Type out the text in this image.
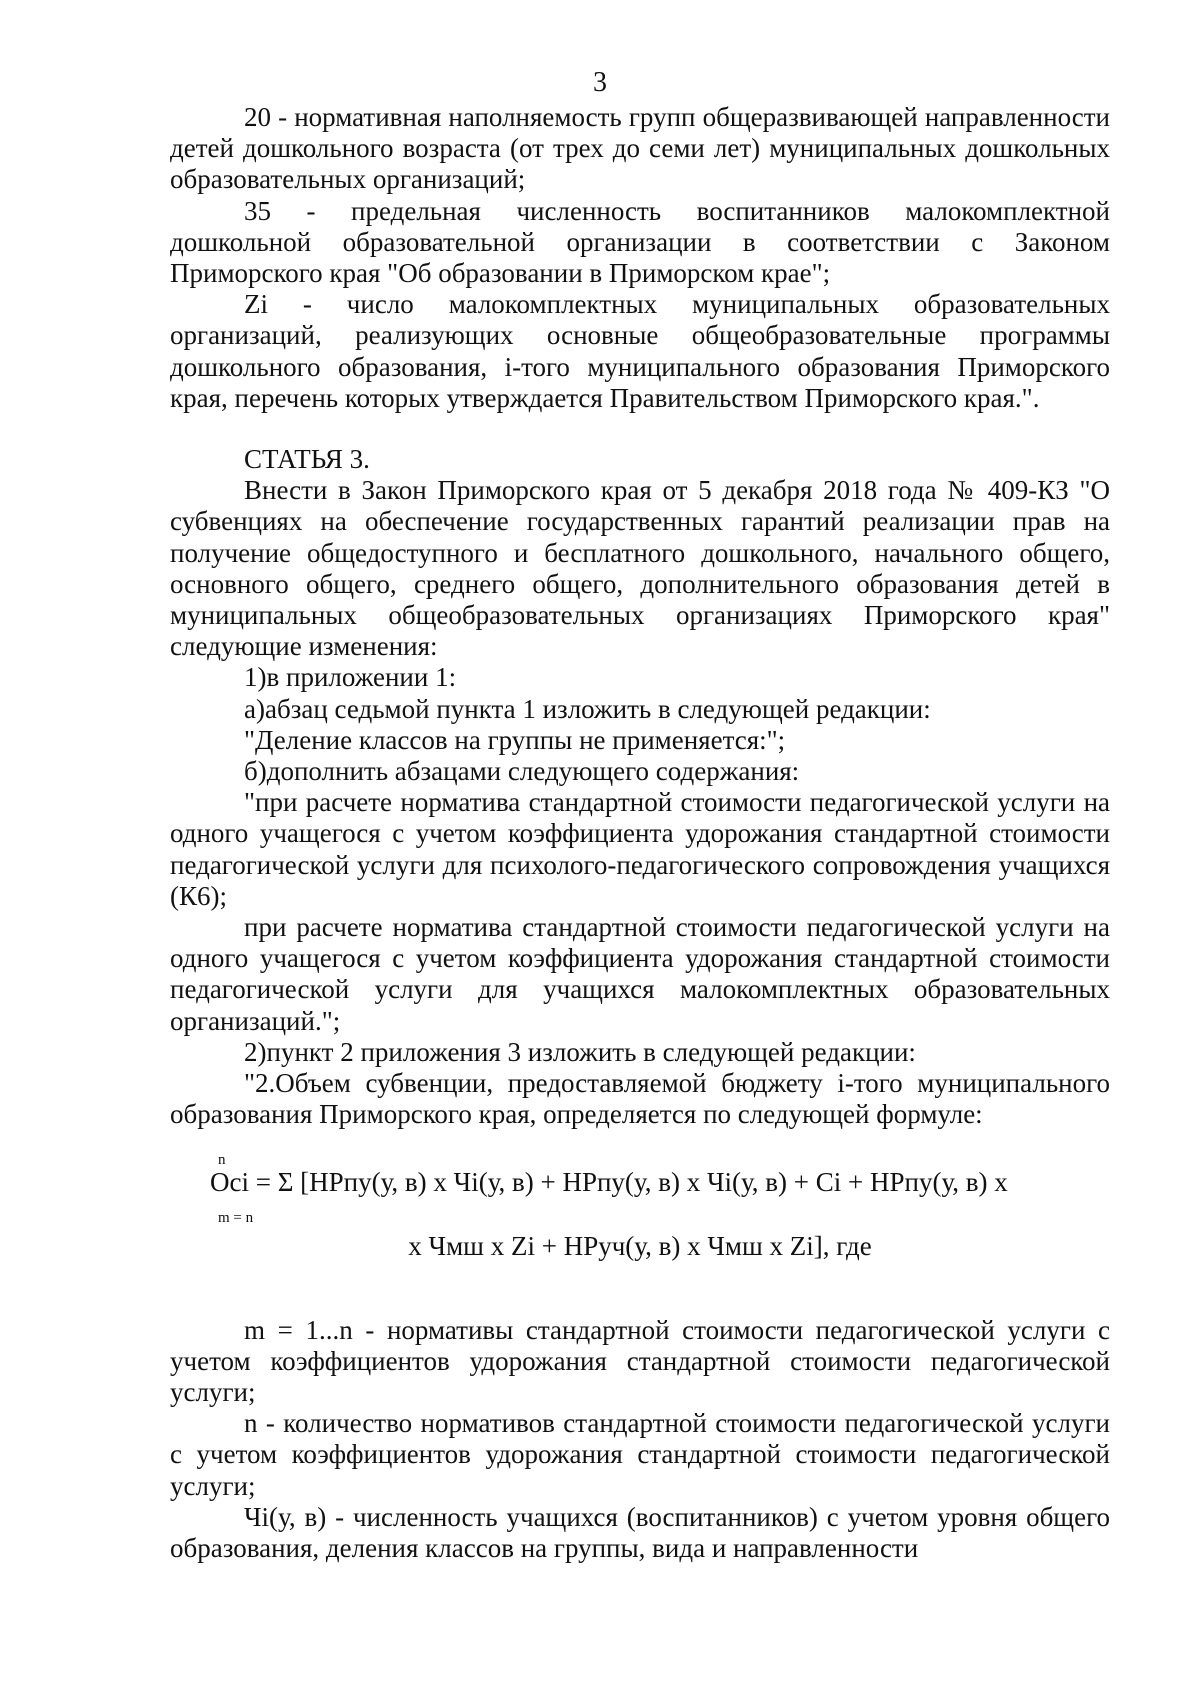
3

20 - нормативная наполняемость групп общеразвивающей направленности детей дошкольного возраста (от трех до семи лет) муниципальных дошкольных образовательных организаций;

35 - предельная численность воспитанников малокомплектной дошкольной образовательной организации в соответствии с Законом Приморского края "Об образовании в Приморском крае";

Zi - число малокомплектных муниципальных образовательных организаций, реализующих основные общеобразовательные программы дошкольного образования, i-того муниципального образования Приморского края, перечень которых утверждается Правительством Приморского края.".

СТАТЬЯ 3.

Внести в Закон Приморского края от 5 декабря 2018 года № 409-КЗ "О субвенциях на обеспечение государственных гарантий реализации прав на получение общедоступного и бесплатного дошкольного, начального общего, основного общего, среднего общего, дополнительного образования детей в муниципальных общеобразовательных организациях Приморского края" следующие изменения:

1)в приложении 1:

а)абзац седьмой пункта 1 изложить в следующей редакции:

"Деление классов на группы не применяется:";

б)дополнить абзацами следующего содержания:

"при расчете норматива стандартной стоимости педагогической услуги на одного учащегося с учетом коэффициента удорожания стандартной стоимости педагогической услуги для психолого-педагогического сопровождения учащихся (К6);

при расчете норматива стандартной стоимости педагогической услуги на одного учащегося с учетом коэффициента удорожания стандартной стоимости педагогической услуги для учащихся малокомплектных образовательных организаций.";

2)пункт 2 приложения 3 изложить в следующей редакции:

"2.Объем субвенции, предоставляемой бюджету i-того муниципального образования Приморского края, определяется по следующей формуле:

n
Oci = Σ [НРпу(у, в) x Чi(у, в) + НРпу(у, в) x Чi(у, в) + Ci + НРпу(у, в) x
m = n
x Чмш x Zi + НРуч(у, в) x Чмш x Zi], где

m = 1...n - нормативы стандартной стоимости педагогической услуги с учетом коэффициентов удорожания стандартной стоимости педагогической услуги;

n - количество нормативов стандартной стоимости педагогической услуги с учетом коэффициентов удорожания стандартной стоимости педагогической услуги;

Чi(у, в) - численность учащихся (воспитанников) с учетом уровня общего образования, деления классов на группы, вида и направленности
